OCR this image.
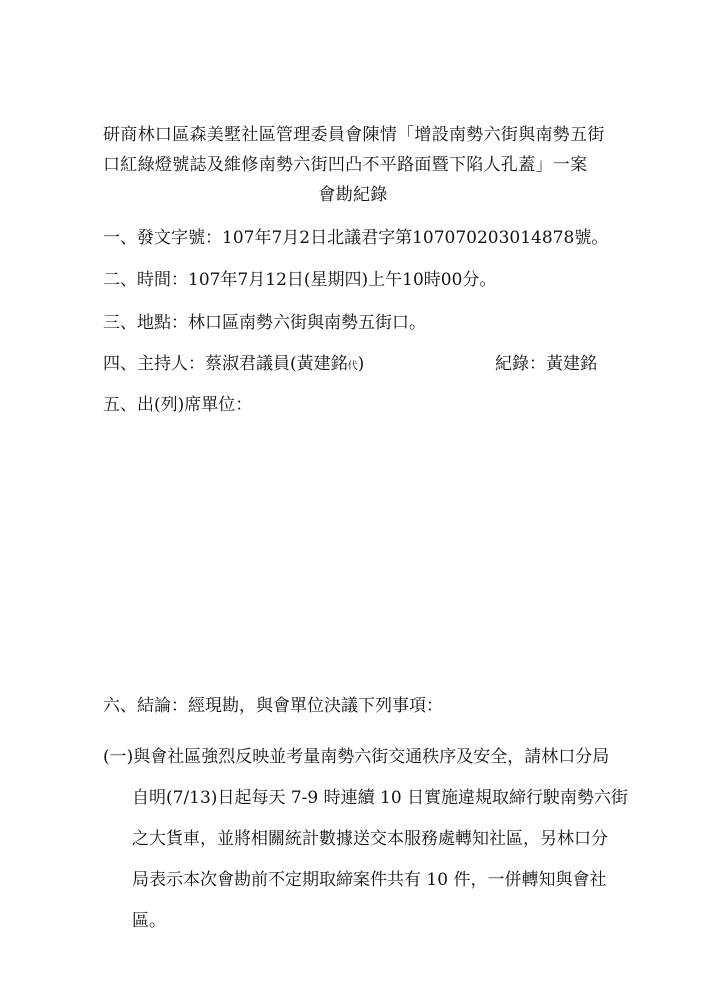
研商林口區森美墅社區管理委員會陳情「增設南勢六街與南勢五街
口紅綠燈號誌及維修南勢六街凹凸不平路面暨下陷人孔蓋」一案
會勘紀錄
一、發文字號：107年7月2日北議君字第107070203014878號。
二、時間：107年7月12日(星期四)上午10時00分。
三、地點：林口區南勢六街與南勢五街口。
四、主持人：蔡淑君議員(黃建銘代)	紀錄：黃建銘
五、出(列)席單位：
六、結論：經現勘，與會單位決議下列事項：
(一)與會社區強烈反映並考量南勢六街交通秩序及安全，請林口分局
自明(7/13)日起每天 7-9 時連續 10 日實施違規取締行駛南勢六街
之大貨車，並將相關統計數據送交本服務處轉知社區，另林口分
局表示本次會勘前不定期取締案件共有 10 件，一併轉知與會社
區。
